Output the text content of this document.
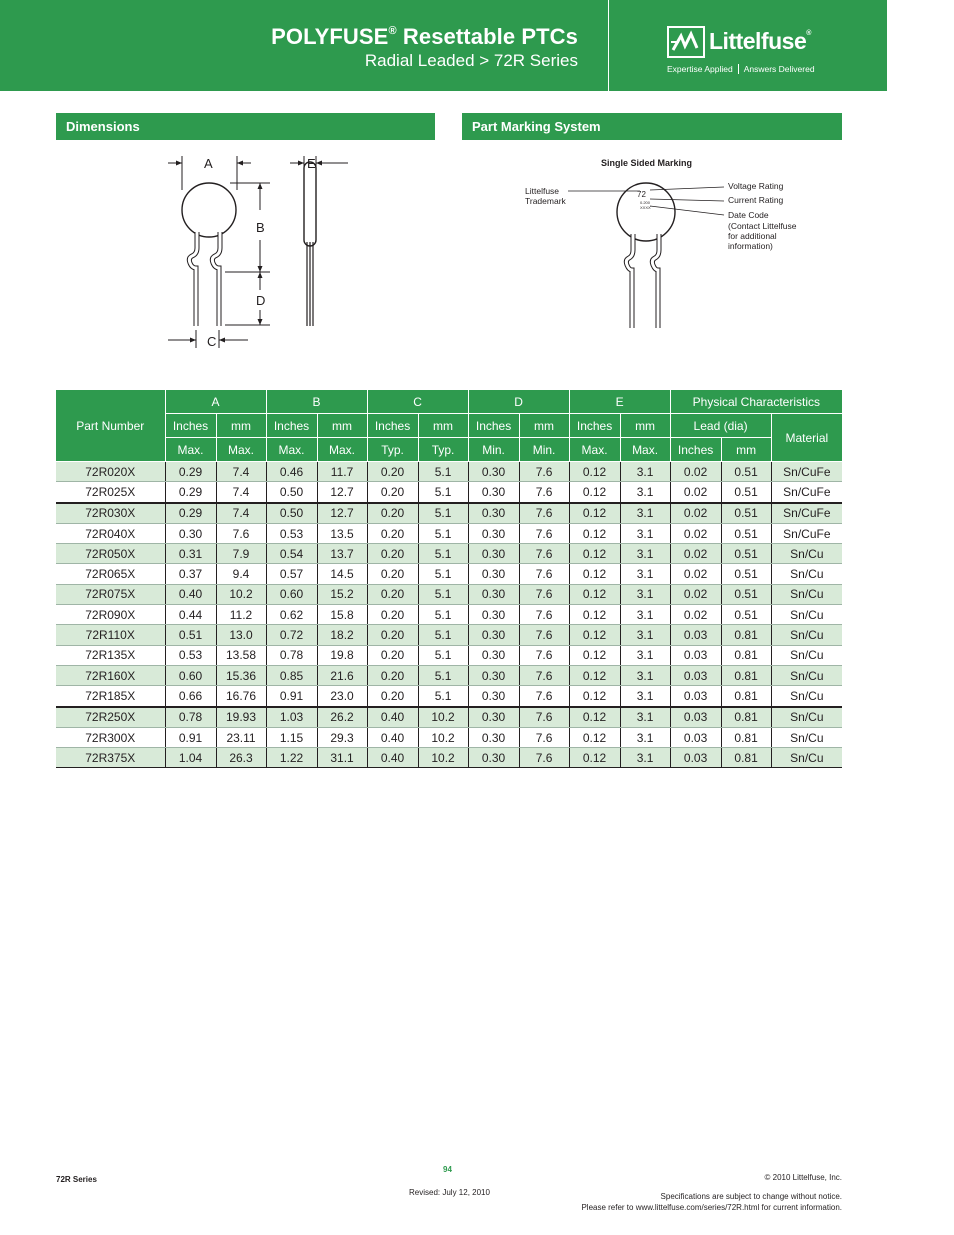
POLYFUSE® Resettable PTCs
Radial Leaded > 72R Series
Littelfuse®
Expertise Applied Answers Delivered
Dimensions	Part Marking System
A
B
D
C
E	Single Sided Marking
72
0.200
XXXX
Littelfuse
Trademark
Voltage Rating
Current Rating
Date Code
(Contact Littelfuse
for additional
information)
Part Number	A		B		C		D		E		Physical Characteristics		
	Inches	mm	Inches	mm	Inches	mm	Inches	mm	Inches	mm	Lead (dia)		Material
	Max.	Max.	Max.	Max.	Typ.	Typ.	Min.	Min.	Max.	Max.	Inches	mm	
72R020X	0.29	7.4	0.46	11.7	0.20	5.1	0.30	7.6	0.12	3.1	0.02	0.51	Sn/CuFe
72R025X	0.29	7.4	0.50	12.7	0.20	5.1	0.30	7.6	0.12	3.1	0.02	0.51	Sn/CuFe
72R030X	0.29	7.4	0.50	12.7	0.20	5.1	0.30	7.6	0.12	3.1	0.02	0.51	Sn/CuFe
72R040X	0.30	7.6	0.53	13.5	0.20	5.1	0.30	7.6	0.12	3.1	0.02	0.51	Sn/CuFe
72R050X	0.31	7.9	0.54	13.7	0.20	5.1	0.30	7.6	0.12	3.1	0.02	0.51	Sn/Cu
72R065X	0.37	9.4	0.57	14.5	0.20	5.1	0.30	7.6	0.12	3.1	0.02	0.51	Sn/Cu
72R075X	0.40	10.2	0.60	15.2	0.20	5.1	0.30	7.6	0.12	3.1	0.02	0.51	Sn/Cu
72R090X	0.44	11.2	0.62	15.8	0.20	5.1	0.30	7.6	0.12	3.1	0.02	0.51	Sn/Cu
72R110X	0.51	13.0	0.72	18.2	0.20	5.1	0.30	7.6	0.12	3.1	0.03	0.81	Sn/Cu
72R135X	0.53	13.58	0.78	19.8	0.20	5.1	0.30	7.6	0.12	3.1	0.03	0.81	Sn/Cu
72R160X	0.60	15.36	0.85	21.6	0.20	5.1	0.30	7.6	0.12	3.1	0.03	0.81	Sn/Cu
72R185X	0.66	16.76	0.91	23.0	0.20	5.1	0.30	7.6	0.12	3.1	0.03	0.81	Sn/Cu
72R250X	0.78	19.93	1.03	26.2	0.40	10.2	0.30	7.6	0.12	3.1	0.03	0.81	Sn/Cu
72R300X	0.91	23.11	1.15	29.3	0.40	10.2	0.30	7.6	0.12	3.1	0.03	0.81	Sn/Cu
72R375X	1.04	26.3	1.22	31.1	0.40	10.2	0.30	7.6	0.12	3.1	0.03	0.81	Sn/Cu
72R Series
94
Revised: July 12, 2010
© 2010 Littelfuse, Inc.
Specifications are subject to change without notice.
Please refer to www.littelfuse.com/series/72R.html for current information.
